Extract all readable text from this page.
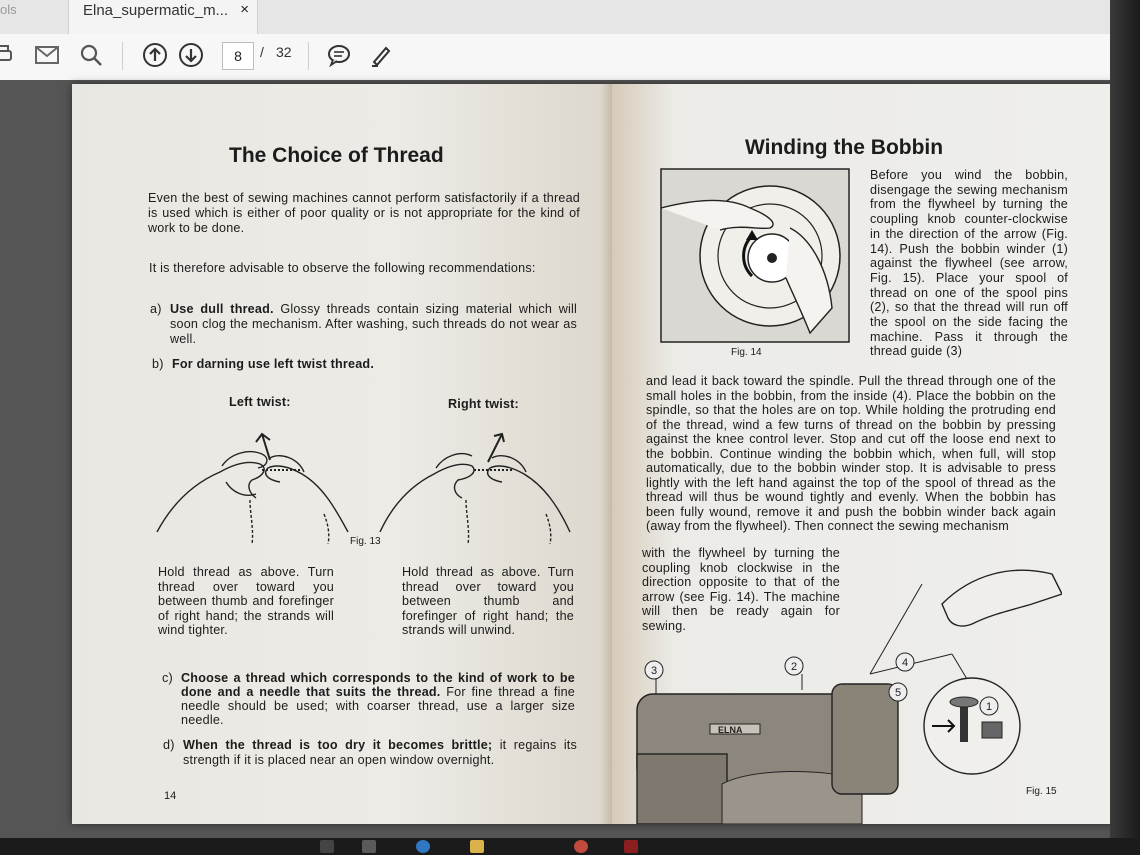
ols	Elna_supermatic_m... ×
8	/ 32
The Choice of Thread
Even the best of sewing machines cannot perform satisfactorily if a thread is used which is either of poor quality or is not appropriate for the kind of work to be done.
It is therefore advisable to observe the following recommendations:
a) Use dull thread. Glossy threads contain sizing material which will soon clog the mechanism. After washing, such threads do not wear as well.
b) For darning use left twist thread.
Left twist:	Right twist:
Fig. 13
Hold thread as above. Turn thread over toward you between thumb and forefinger of right hand; the strands will wind tighter.
Hold thread as above. Turn thread over toward you between thumb and forefinger of right hand; the strands will unwind.
c) Choose a thread which corresponds to the kind of work to be done and a needle that suits the thread. For fine thread a fine needle should be used; with coarser thread, use a larger size needle.
d) When the thread is too dry it becomes brittle; it regains its strength if it is placed near an open window overnight.
14
Winding the Bobbin
Fig. 14
Before you wind the bobbin, disengage the sewing mechanism from the flywheel by turning the coupling knob counter-clockwise in the direction of the arrow (Fig. 14). Push the bobbin winder (1) against the flywheel (see arrow, Fig. 15). Place your spool of thread on one of the spool pins (2), so that the thread will run off the spool on the side facing the machine. Pass it through the thread guide (3)
and lead it back toward the spindle. Pull the thread through one of the small holes in the bobbin, from the inside (4). Place the bobbin on the spindle, so that the holes are on top. While holding the protruding end of the thread, wind a few turns of thread on the bobbin by pressing against the knee control lever. Stop and cut off the loose end next to the bobbin. Continue winding the bobbin which, when full, will stop automatically, due to the bobbin winder stop. It is advisable to press lightly with the left hand against the top of the spool of thread as the thread will thus be wound tightly and evenly. When the bobbin has been fully wound, remove it and push the bobbin winder back again (away from the flywheel). Then connect the sewing mechanism
with the flywheel by turning the coupling knob clockwise in the direction opposite to that of the arrow (see Fig. 14). The machine will then be ready again for sewing.
ELNA
3	2	4
5
1
Fig. 15
